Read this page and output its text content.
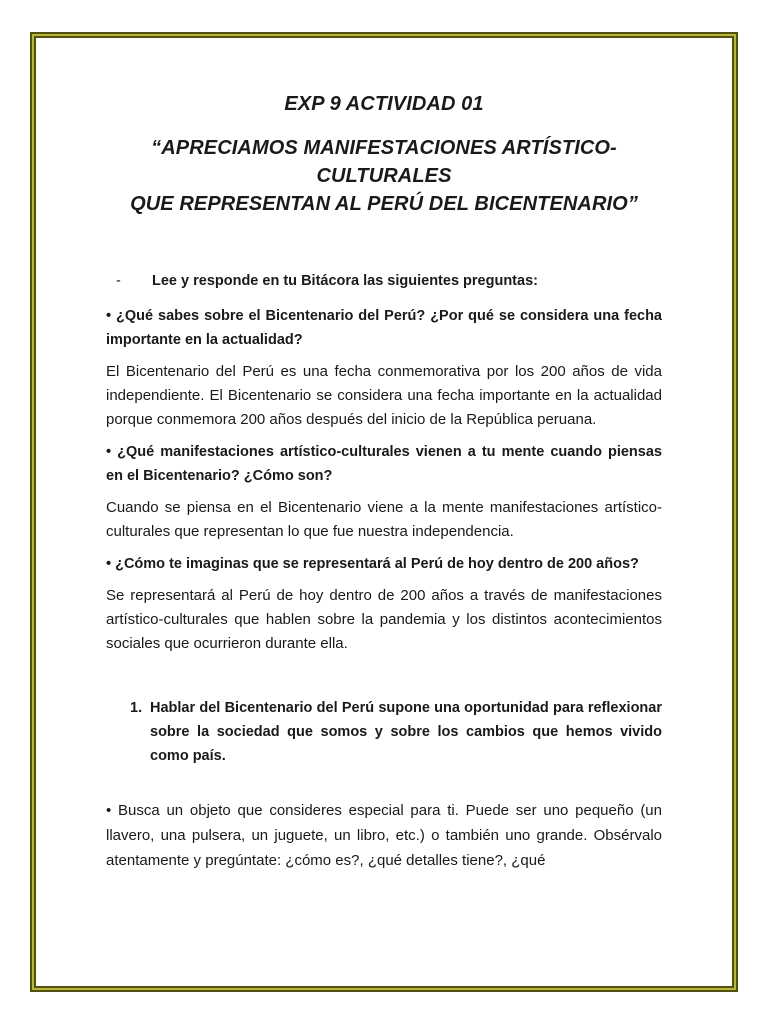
EXP 9 ACTIVIDAD 01

“APRECIAMOS MANIFESTACIONES ARTÍSTICO-CULTURALES

QUE REPRESENTAN AL PERÚ DEL BICENTENARIO”

-	Lee y responde en tu Bitácora las siguientes preguntas:

• ¿Qué sabes sobre el Bicentenario del Perú? ¿Por qué se considera una fecha importante en la actualidad?

El Bicentenario del Perú es una fecha conmemorativa por los 200 años de vida independiente. El Bicentenario se considera una fecha importante en la actualidad porque conmemora 200 años después del inicio de la República peruana.

• ¿Qué manifestaciones artístico-culturales vienen a tu mente cuando piensas en el Bicentenario? ¿Cómo son?

Cuando se piensa en el Bicentenario viene a la mente manifestaciones artístico-culturales que representan lo que fue nuestra independencia.

• ¿Cómo te imaginas que se representará al Perú de hoy dentro de 200 años?

Se representará al Perú de hoy dentro de 200 años a través de manifestaciones artístico-culturales que hablen sobre la pandemia y los distintos acontecimientos sociales que ocurrieron durante ella.

1. Hablar del Bicentenario del Perú supone una oportunidad para reflexionar sobre la sociedad que somos y sobre los cambios que hemos vivido como país.

• Busca un objeto que consideres especial para ti. Puede ser uno pequeño (un llavero, una pulsera, un juguete, un libro, etc.) o también uno grande. Obsérvalo atentamente y pregúntate: ¿cómo es?, ¿qué detalles tiene?, ¿qué
